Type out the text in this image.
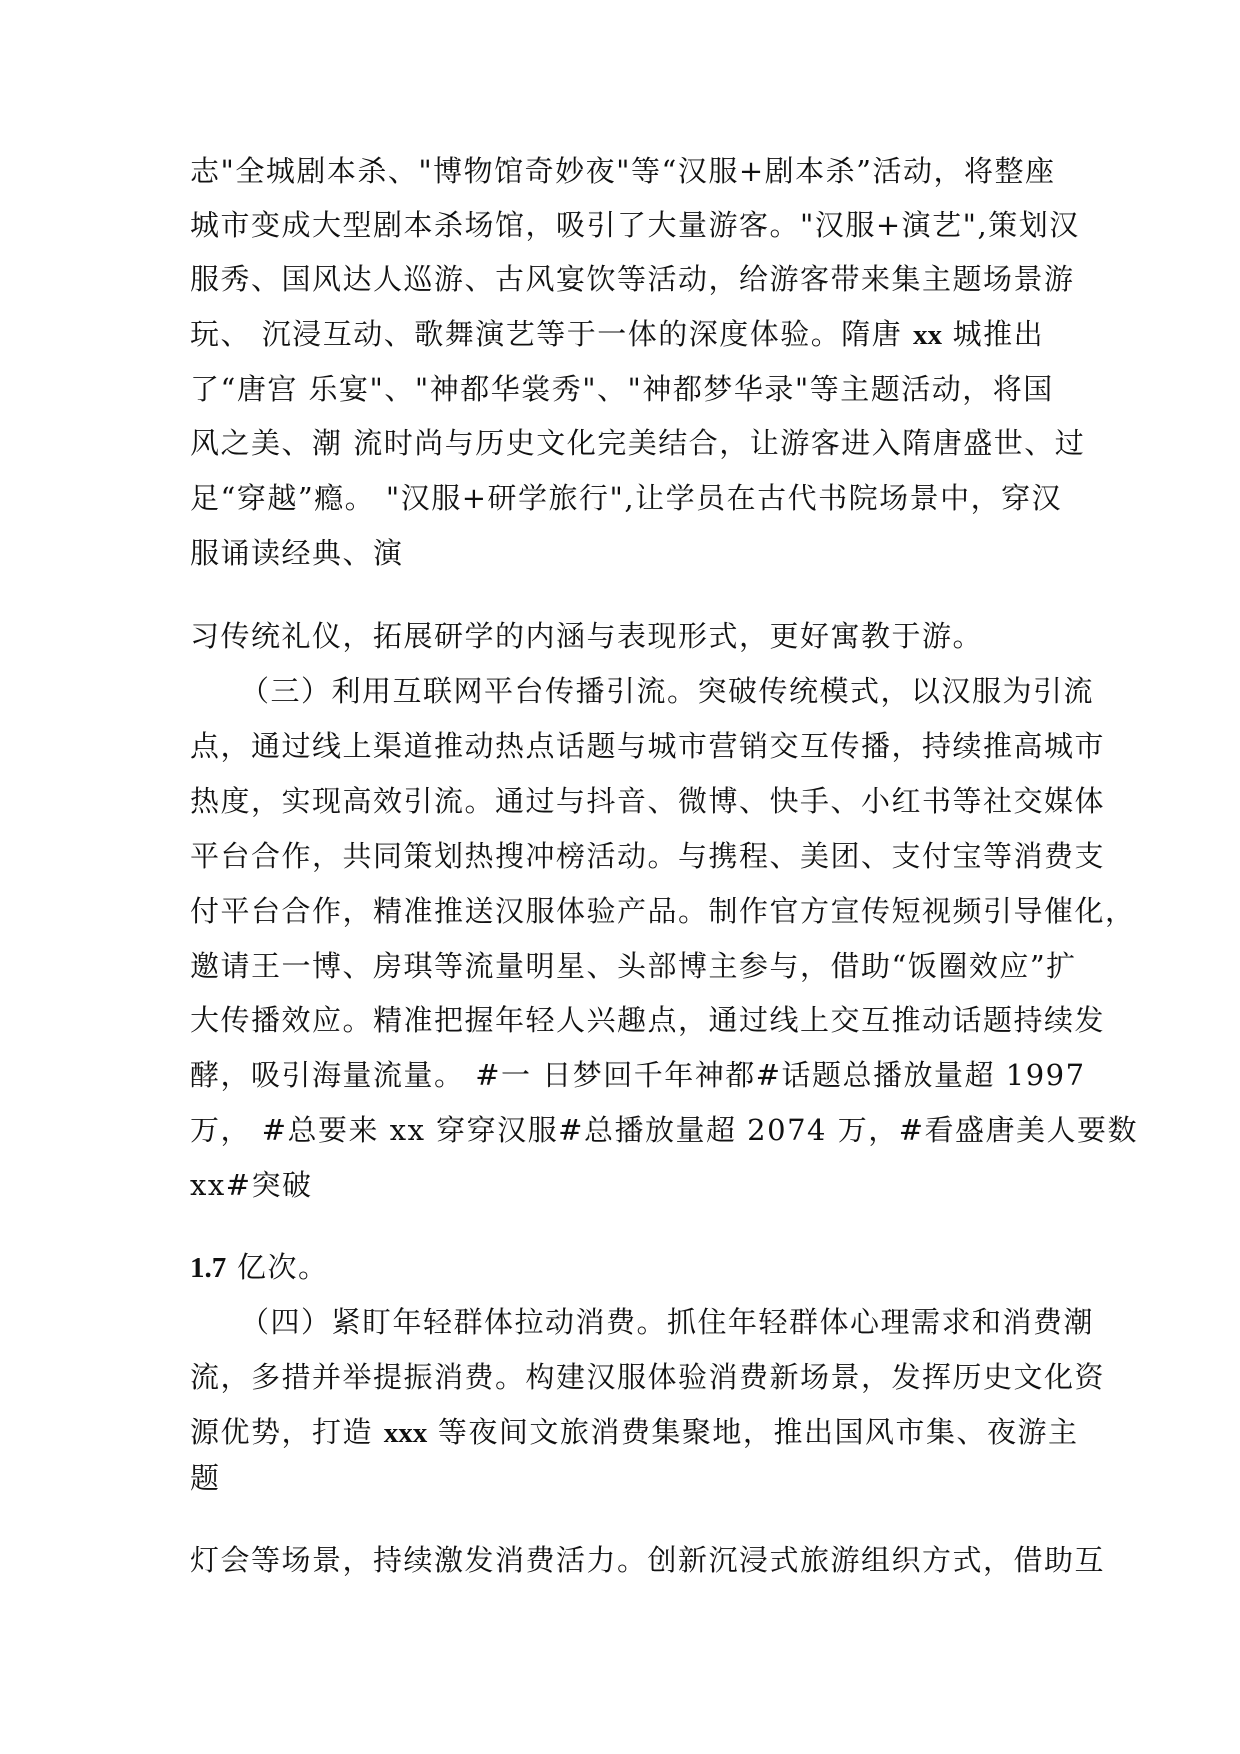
志"全城剧本杀、"博物馆奇妙夜"等“汉服+剧本杀”活动，将整座
城市变成大型剧本杀场馆，吸引了大量游客。"汉服+演艺",策划汉
服秀、国风达人巡游、古风宴饮等活动，给游客带来集主题场景游
玩、 沉浸互动、歌舞演艺等于一体的深度体验。隋唐 xx 城推出
了“唐宫 乐宴"、"神都华裳秀"、"神都梦华录"等主题活动，将国
风之美、潮 流时尚与历史文化完美结合，让游客进入隋唐盛世、过
足“穿越”瘾。 "汉服+研学旅行",让学员在古代书院场景中，穿汉
服诵读经典、演
习传统礼仪，拓展研学的内涵与表现形式，更好寓教于游。
（三）利用互联网平台传播引流。突破传统模式，以汉服为引流
点，通过线上渠道推动热点话题与城市营销交互传播，持续推高城市
热度，实现高效引流。通过与抖音、微博、快手、小红书等社交媒体
平台合作，共同策划热搜冲榜活动。与携程、美团、支付宝等消费支
付平台合作，精准推送汉服体验产品。制作官方宣传短视频引导催化，
邀请王一博、房琪等流量明星、头部博主参与，借助“饭圈效应”扩
大传播效应。精准把握年轻人兴趣点，通过线上交互推动话题持续发
酵，吸引海量流量。 #一 日梦回千年神都#话题总播放量超 1997
万， #总要来 xx 穿穿汉服#总播放量超 2074 万，#看盛唐美人要数
xx#突破
1.7 亿次。
（四）紧盯年轻群体拉动消费。抓住年轻群体心理需求和消费潮
流，多措并举提振消费。构建汉服体验消费新场景，发挥历史文化资
源优势，打造 xxx 等夜间文旅消费集聚地，推出国风市集、夜游主
题
灯会等场景，持续激发消费活力。创新沉浸式旅游组织方式，借助互
